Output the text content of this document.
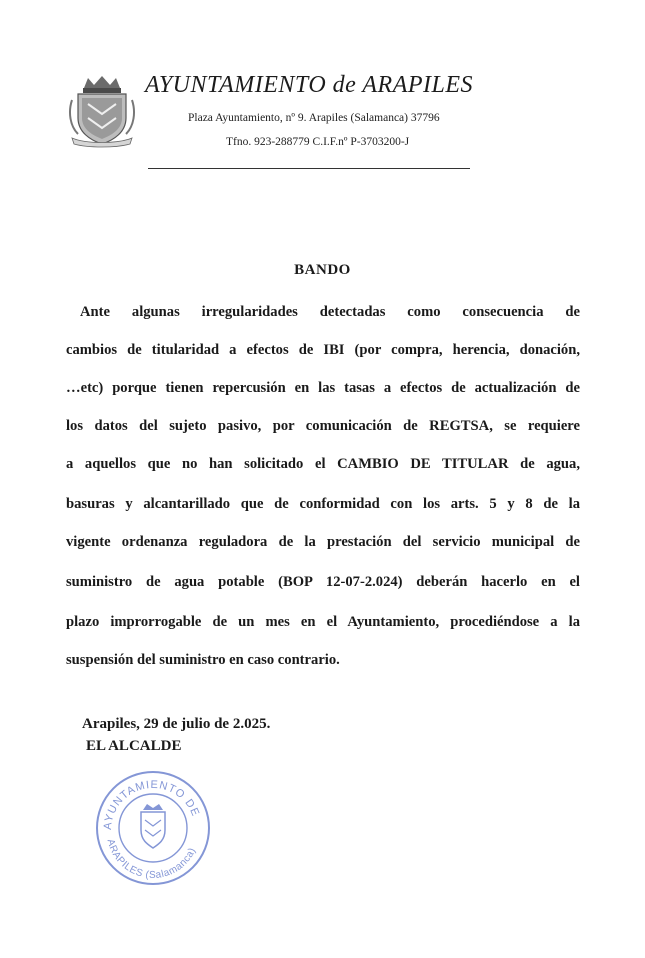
AYUNTAMIENTO de ARAPILES
Plaza Ayuntamiento, nº 9. Arapiles (Salamanca) 37796
Tfno. 923-288779 C.I.F.nº P-3703200-J
BANDO
Ante algunas irregularidades detectadas como consecuencia de
cambios de titularidad a efectos de IBI (por compra, herencia, donación,
…etc) porque tienen repercusión en las tasas a efectos de actualización de
los datos del sujeto pasivo, por comunicación de REGTSA, se requiere
a aquellos que no han solicitado el CAMBIO DE TITULAR de agua,
basuras y alcantarillado que de conformidad con los arts. 5 y 8 de la
vigente ordenanza reguladora de la prestación del servicio municipal de
suministro de agua potable (BOP 12-07-2.024) deberán hacerlo en el
plazo improrrogable de un mes en el Ayuntamiento, procediéndose a la
suspensión del suministro en caso contrario.
Arapiles, 29 de julio de 2.025.
EL ALCALDE
AYUNTAMIENTO DE
ARAPILES (Salamanca)
